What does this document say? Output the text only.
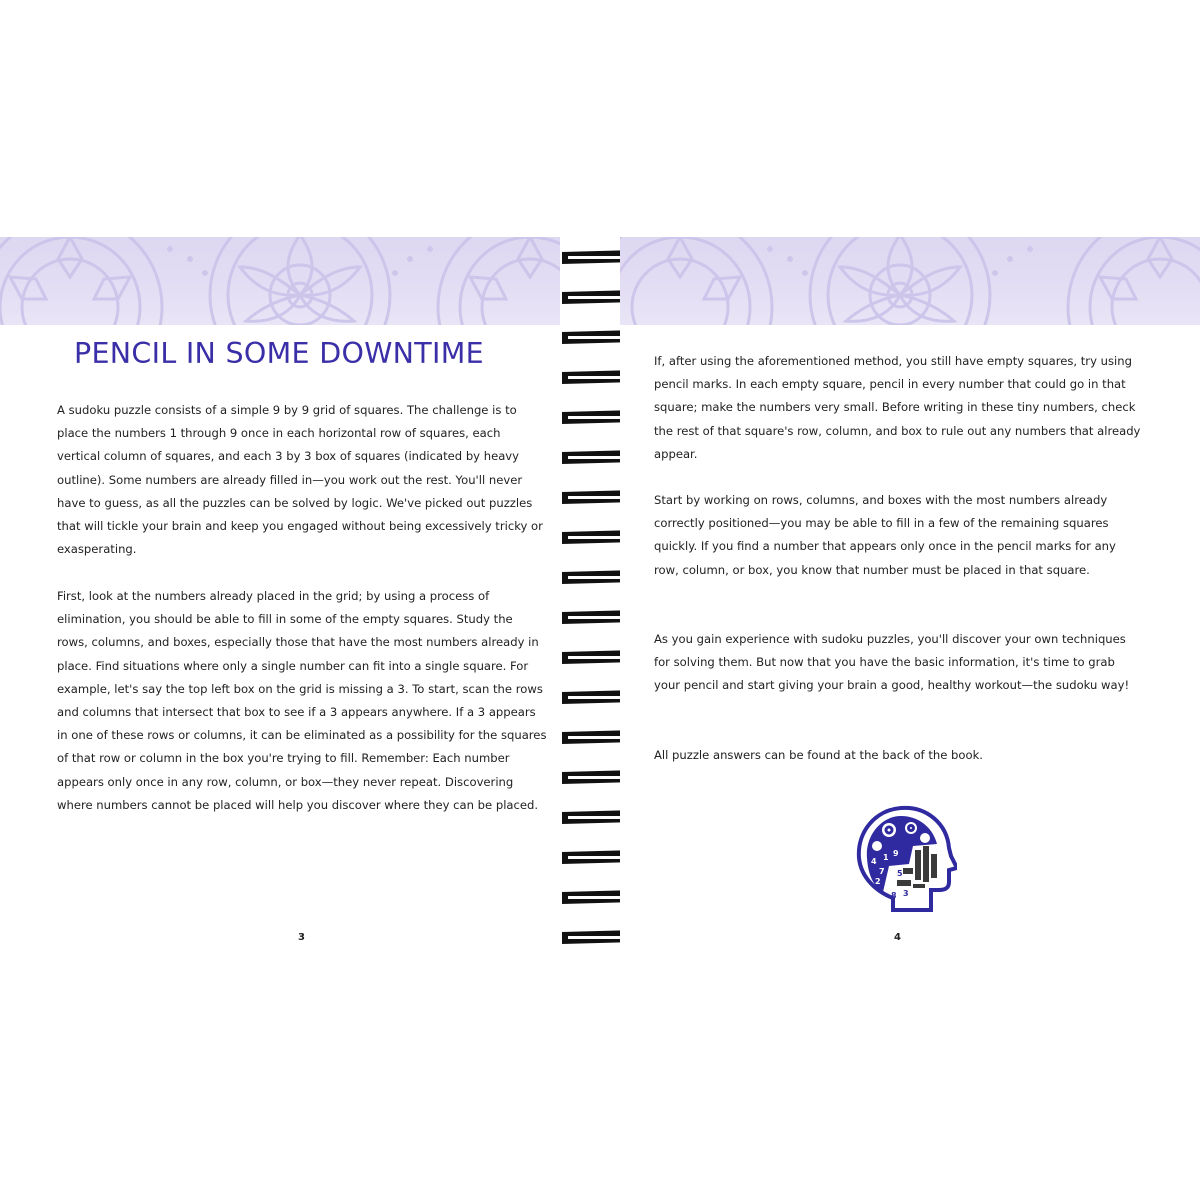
PENCIL IN SOME DOWNTIME

A sudoku puzzle consists of a simple 9 by 9 grid of squares. The challenge is to place the numbers 1 through 9 once in each horizontal row of squares, each vertical column of squares, and each 3 by 3 box of squares (indicated by heavy outline). Some numbers are already filled in—you work out the rest. You'll never have to guess, as all the puzzles can be solved by logic. We've picked out puzzles that will tickle your brain and keep you engaged without being excessively tricky or exasperating.

First, look at the numbers already placed in the grid; by using a process of elimination, you should be able to fill in some of the empty squares. Study the rows, columns, and boxes, especially those that have the most numbers already in place. Find situations where only a single number can fit into a single square. For example, let's say the top left box on the grid is missing a 3. To start, scan the rows and columns that intersect that box to see if a 3 appears anywhere. If a 3 appears in one of these rows or columns, it can be eliminated as a possibility for the squares of that row or column in the box you're trying to fill. Remember: Each number appears only once in any row, column, or box—they never repeat. Discovering where numbers cannot be placed will help you discover where they can be placed.

3

If, after using the aforementioned method, you still have empty squares, try using pencil marks. In each empty square, pencil in every number that could go in that square; make the numbers very small. Before writing in these tiny numbers, check the rest of that square's row, column, and box to rule out any numbers that already appear.

Start by working on rows, columns, and boxes with the most numbers already correctly positioned—you may be able to fill in a few of the remaining squares quickly. If you find a number that appears only once in the pencil marks for any row, column, or box, you know that number must be placed in that square.

As you gain experience with sudoku puzzles, you'll discover your own techniques for solving them. But now that you have the basic information, it's time to grab your pencil and start giving your brain a good, healthy workout—the sudoku way!

All puzzle answers can be found at the back of the book.

4
7
2
9
1
5
8 3
4
